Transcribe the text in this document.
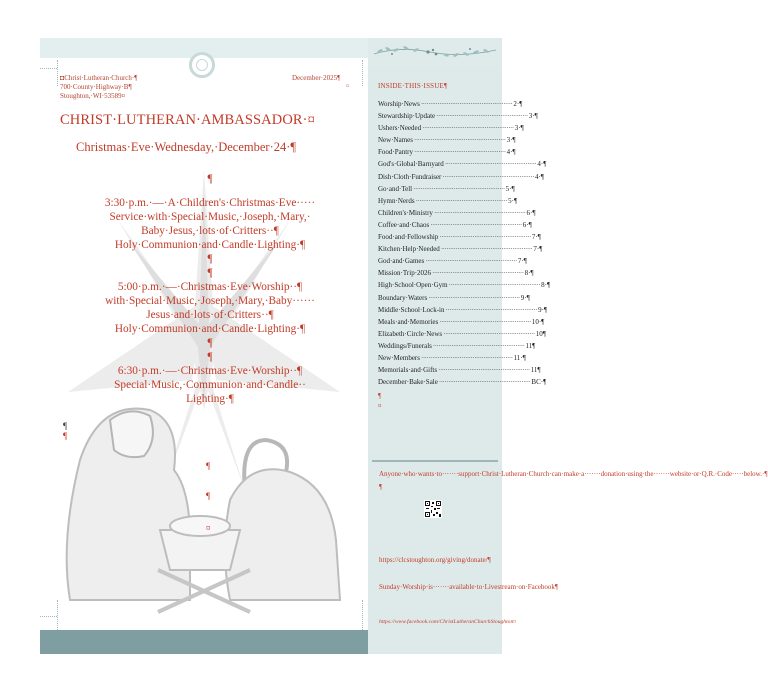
◘Christ·Lutheran·Church·¶
700·County·Highway·B¶
Stoughton,·WI·53589¤
December·2025¶
¤
CHRIST·LUTHERAN·AMBASSADOR·¤
Christmas·Eve·Wednesday,·December·24·¶
¶
3:30·p.m.·—·A·Children's·Christmas·Eve·····
Service·with·Special·Music,·Joseph,·Mary,·
Baby·Jesus,·lots·of·Critters··¶
Holy·Communion·and·Candle·Lighting·¶
¶
¶
5:00·p.m.·—·Christmas·Eve·Worship··¶
with·Special·Music,·Joseph,·Mary,·Baby······
Jesus·and·lots·of·Critters··¶
Holy·Communion·and·Candle·Lighting·¶
¶
¶
6:30·p.m.·—·Christmas·Eve·Worship··¶
Special·Music,·Communion·and·Candle··
Lighting·¶
¶
¶
¶
¶
¤
INSIDE·THIS·ISSUE¶
Worship·News ·····	2·¶
Stewardship·Update ·····	3·¶
Ushers·Needed ·····	3·¶
New·Names ·····	3·¶
Food·Pantry ·····	4·¶
God's·Global·Barnyard ·····	4·¶
Dish·Cloth·Fundraiser ·····	4·¶
Go·and·Tell ·····	5·¶
Hymn·Nerds ·····	5·¶
Children's·Ministry ·····	6·¶
Coffee·and·Chaos ·····	6·¶
Food·and·Fellowship ·····	7·¶
Kitchen·Help·Needed ·····	7·¶
God·and·Games ·····	7·¶
Mission·Trip·2026 ·····	8·¶
High·School·Open·Gym ·····	8·¶
Boundary·Waters ·····	9·¶
Middle·School·Lock-in ·····	9·¶
Meals·and·Memories ·····	10·¶
Elizabeth·Circle·News ·····	10¶
Weddings/Funerals ·····	11¶
New·Members ·····	11·¶
Memorials·and·Gifts ·····	11¶
December·Bake·Sale ·····	BC·¶
¶
¤
Anyone·who·wants·to·······support·Christ·Lutheran·Church·can·make·a·······donation·using·the·······website·or·Q.R.·Code·····below.·¶
¶
https://clcstoughton.org/giving/donate/¶
Sunday·Worship·is·······available·to·Livestream·on·Facebook¶
https://www.facebook.com/ChristLutheranChurchStoughton¤
